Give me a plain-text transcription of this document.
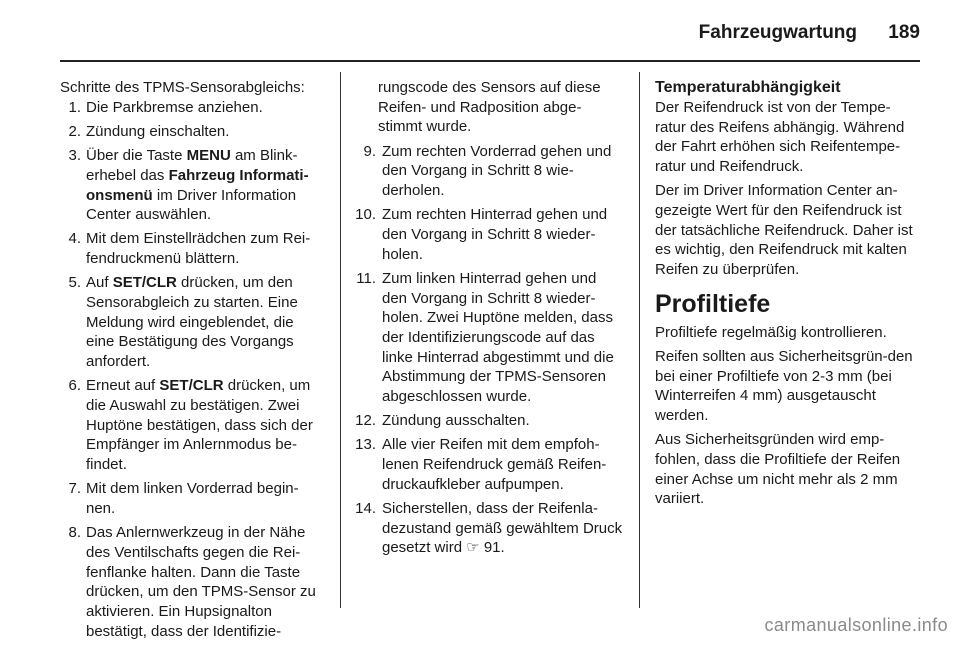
Fahrzeugwartung 189
Schritte des TPMS-Sensorabgleichs:
1. Die Parkbremse anziehen.
2. Zündung einschalten.
3. Über die Taste MENU am Blink-erhebel das Fahrzeug Informati-onsmenü im Driver Information Center auswählen.
4. Mit dem Einstellrädchen zum Rei-fendruckmenü blättern.
5. Auf SET/CLR drücken, um den Sensorabgleich zu starten. Eine Meldung wird eingeblendet, die eine Bestätigung des Vorgangs anfordert.
6. Erneut auf SET/CLR drücken, um die Auswahl zu bestätigen. Zwei Huptöne bestätigen, dass sich der Empfänger im Anlernmodus be-findet.
7. Mit dem linken Vorderrad begin-nen.
8. Das Anlernwerkzeug in der Nähe des Ventilschafts gegen die Rei-fenflanke halten. Dann die Taste drücken, um den TPMS-Sensor zu aktivieren. Ein Hupsignalton bestätigt, dass der Identifizie-
rungscode des Sensors auf diese Reifen- und Radposition abge-stimmt wurde.
9. Zum rechten Vorderrad gehen und den Vorgang in Schritt 8 wie-derholen.
10. Zum rechten Hinterrad gehen und den Vorgang in Schritt 8 wieder-holen.
11. Zum linken Hinterrad gehen und den Vorgang in Schritt 8 wieder-holen. Zwei Huptöne melden, dass der Identifizierungscode auf das linke Hinterrad abgestimmt und die Abstimmung der TPMS-Sensoren abgeschlossen wurde.
12. Zündung ausschalten.
13. Alle vier Reifen mit dem empfoh-lenen Reifendruck gemäß Reifen-druckaufkleber aufpumpen.
14. Sicherstellen, dass der Reifenla-dezustand gemäß gewähltem Druck gesetzt wird ☞ 91.
Temperaturabhängigkeit

Der Reifendruck ist von der Tempe-ratur des Reifens abhängig. Während der Fahrt erhöhen sich Reifentempe-ratur und Reifendruck.

Der im Driver Information Center an-gezeigte Wert für den Reifendruck ist der tatsächliche Reifendruck. Daher ist es wichtig, den Reifendruck mit kalten Reifen zu überprüfen.

Profiltiefe

Profiltiefe regelmäßig kontrollieren.

Reifen sollten aus Sicherheitsgrün-den bei einer Profiltiefe von 2-3 mm (bei Winterreifen 4 mm) ausgetauscht werden.

Aus Sicherheitsgründen wird emp-fohlen, dass die Profiltiefe der Reifen einer Achse um nicht mehr als 2 mm variiert.

carmanualsonline.info
